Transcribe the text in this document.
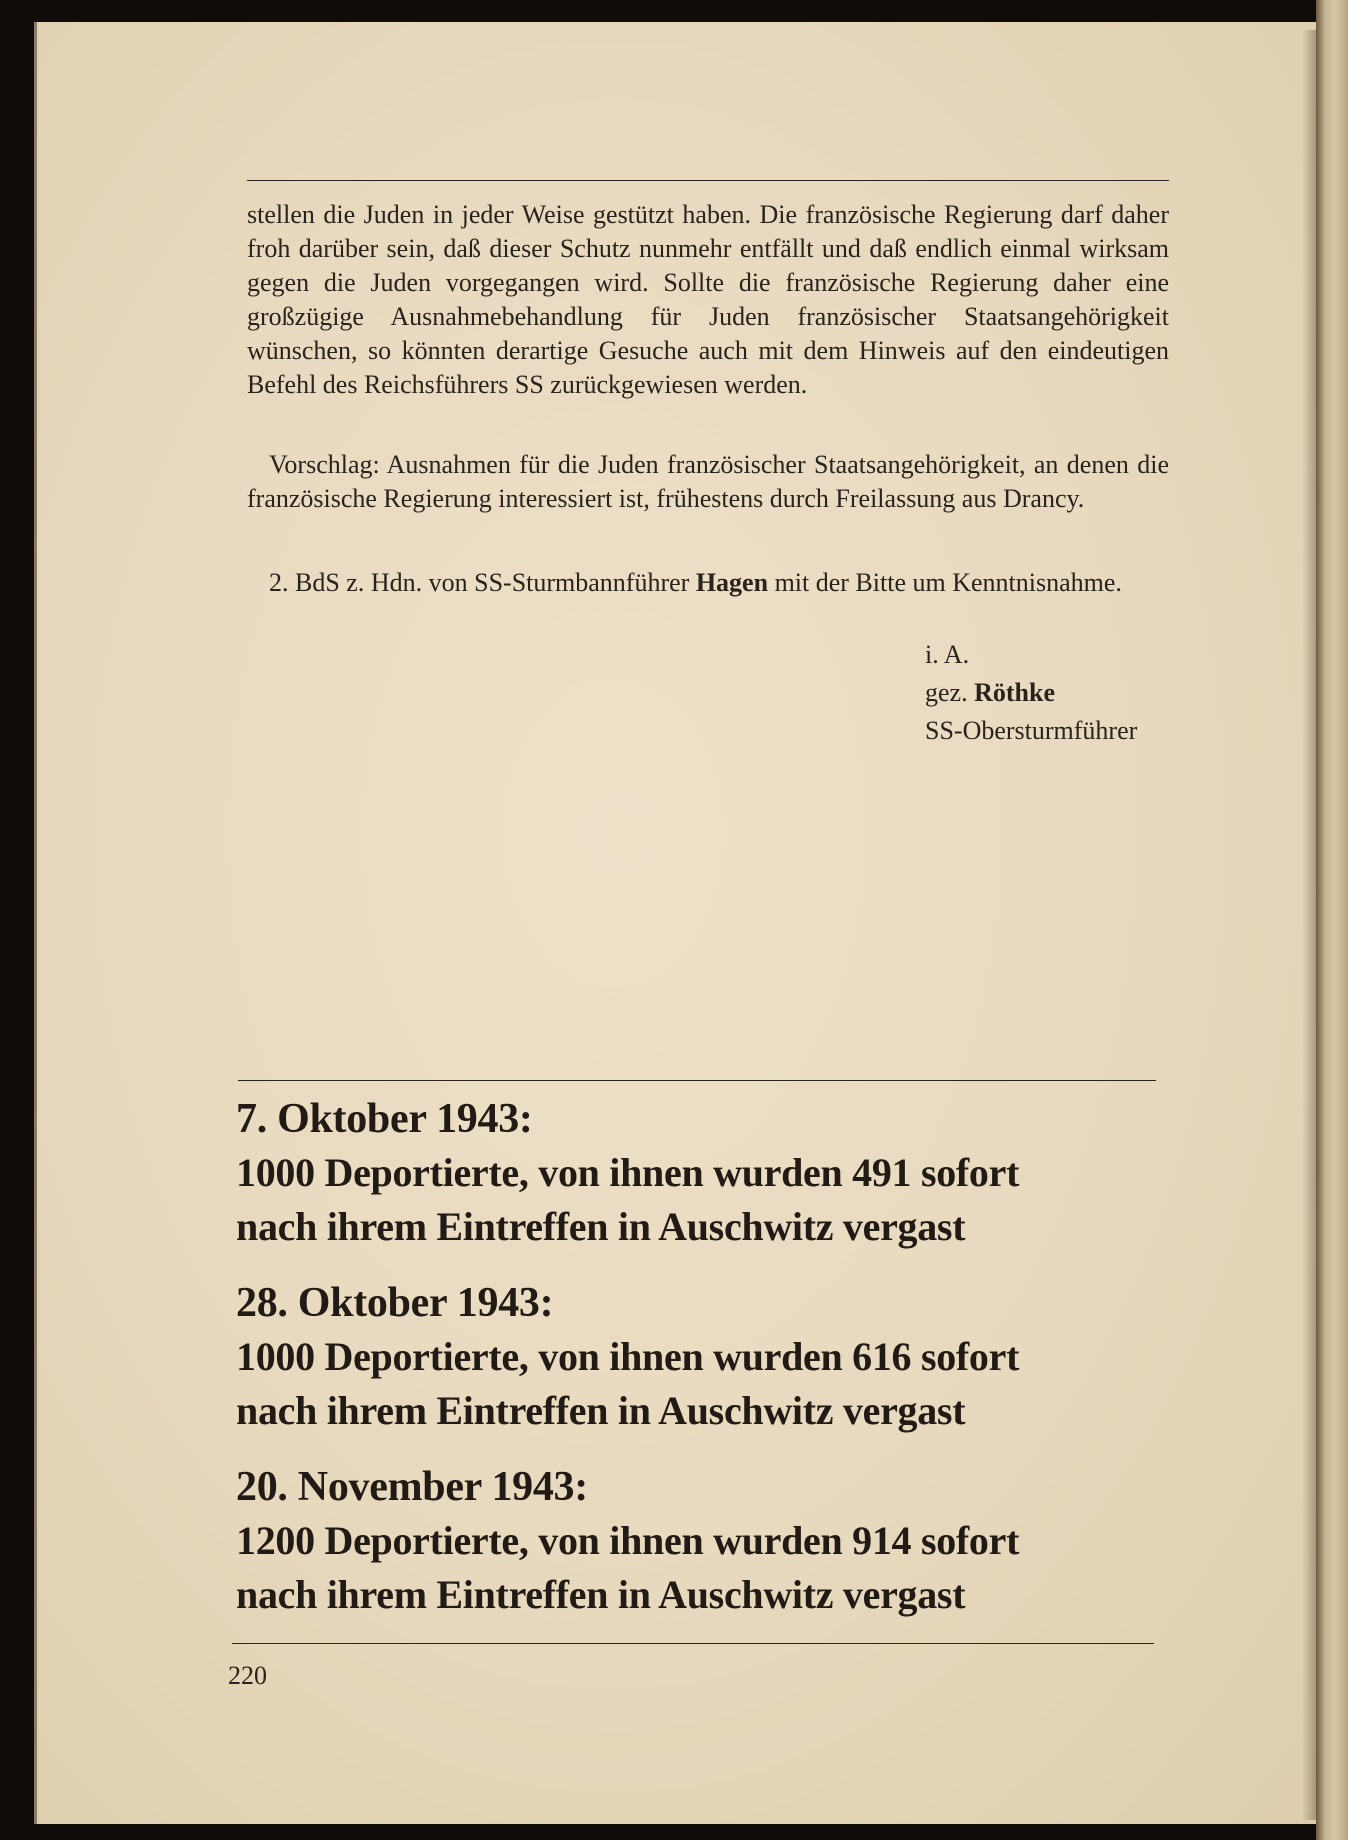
stellen die Juden in jeder Weise gestützt haben. Die französische Regierung darf daher froh darüber sein, daß dieser Schutz nunmehr entfällt und daß endlich einmal wirksam gegen die Juden vorgegangen wird. Sollte die französische Regierung daher eine großzügige Ausnahmebehandlung für Juden französischer Staatsangehörigkeit wünschen, so könnten derartige Gesuche auch mit dem Hinweis auf den eindeutigen Befehl des Reichsführers SS zurückgewiesen werden.

Vorschlag: Ausnahmen für die Juden französischer Staatsangehörigkeit, an denen die französische Regierung interessiert ist, frühestens durch Freilassung aus Drancy.

2. BdS z. Hdn. von SS-Sturmbannführer Hagen mit der Bitte um Kenntnisnahme.

i. A.
gez. Röthke
SS-Obersturmführer
7. Oktober 1943:
1000 Deportierte, von ihnen wurden 491 sofort
nach ihrem Eintreffen in Auschwitz vergast
28. Oktober 1943:
1000 Deportierte, von ihnen wurden 616 sofort
nach ihrem Eintreffen in Auschwitz vergast
20. November 1943:
1200 Deportierte, von ihnen wurden 914 sofort
nach ihrem Eintreffen in Auschwitz vergast
220
